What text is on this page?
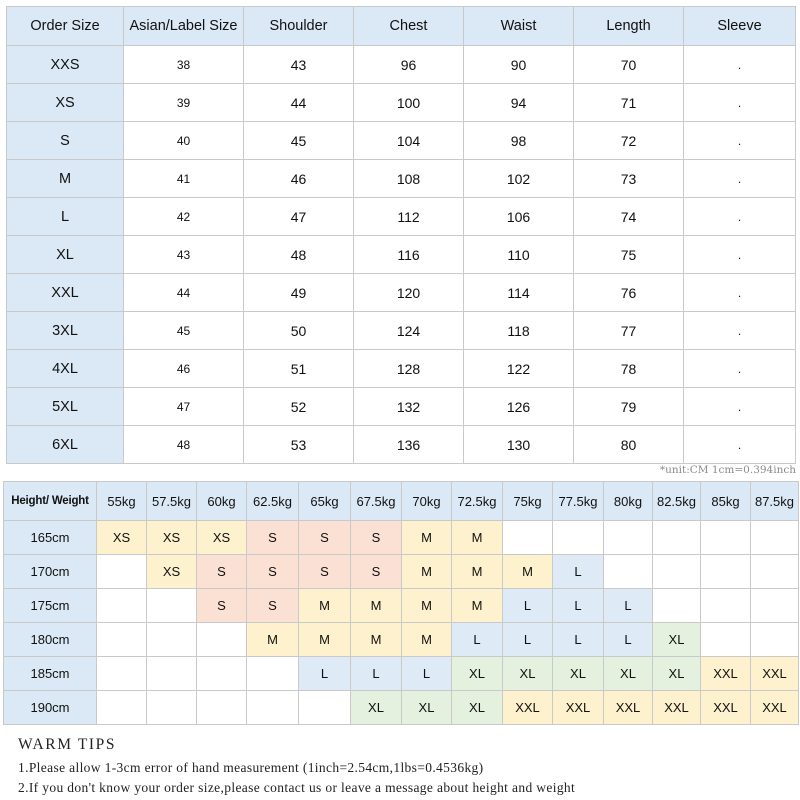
Order Size	Asian/Label Size	Shoulder	Chest	Waist	Length	Sleeve
XXS	38	43	96	90	70	.
XS	39	44	100	94	71	.
S	40	45	104	98	72	.
M	41	46	108	102	73	.
L	42	47	112	106	74	.
XL	43	48	116	110	75	.
XXL	44	49	120	114	76	.
3XL	45	50	124	118	77	.
4XL	46	51	128	122	78	.
5XL	47	52	132	126	79	.
6XL	48	53	136	130	80	.
*unit:CM 1cm=0.394inch
Height/ Weight	55kg	57.5kg	60kg	62.5kg	65kg	67.5kg	70kg	72.5kg	75kg	77.5kg	80kg	82.5kg	85kg	87.5kg
165cm	XS	XS	XS	S	S	S	M	M						
170cm		XS	S	S	S	S	M	M	M	L				
175cm			S	S	M	M	M	M	L	L	L			
180cm				M	M	M	M	L	L	L	L	XL		
185cm					L	L	L	XL	XL	XL	XL	XL	XXL	XXL
190cm						XL	XL	XL	XXL	XXL	XXL	XXL	XXL	XXL
WARM TIPS
1.Please allow 1-3cm error of hand measurement (1inch=2.54cm,1lbs=0.4536kg)
2.If you don't know your order size,please contact us or leave a message about height and weight
